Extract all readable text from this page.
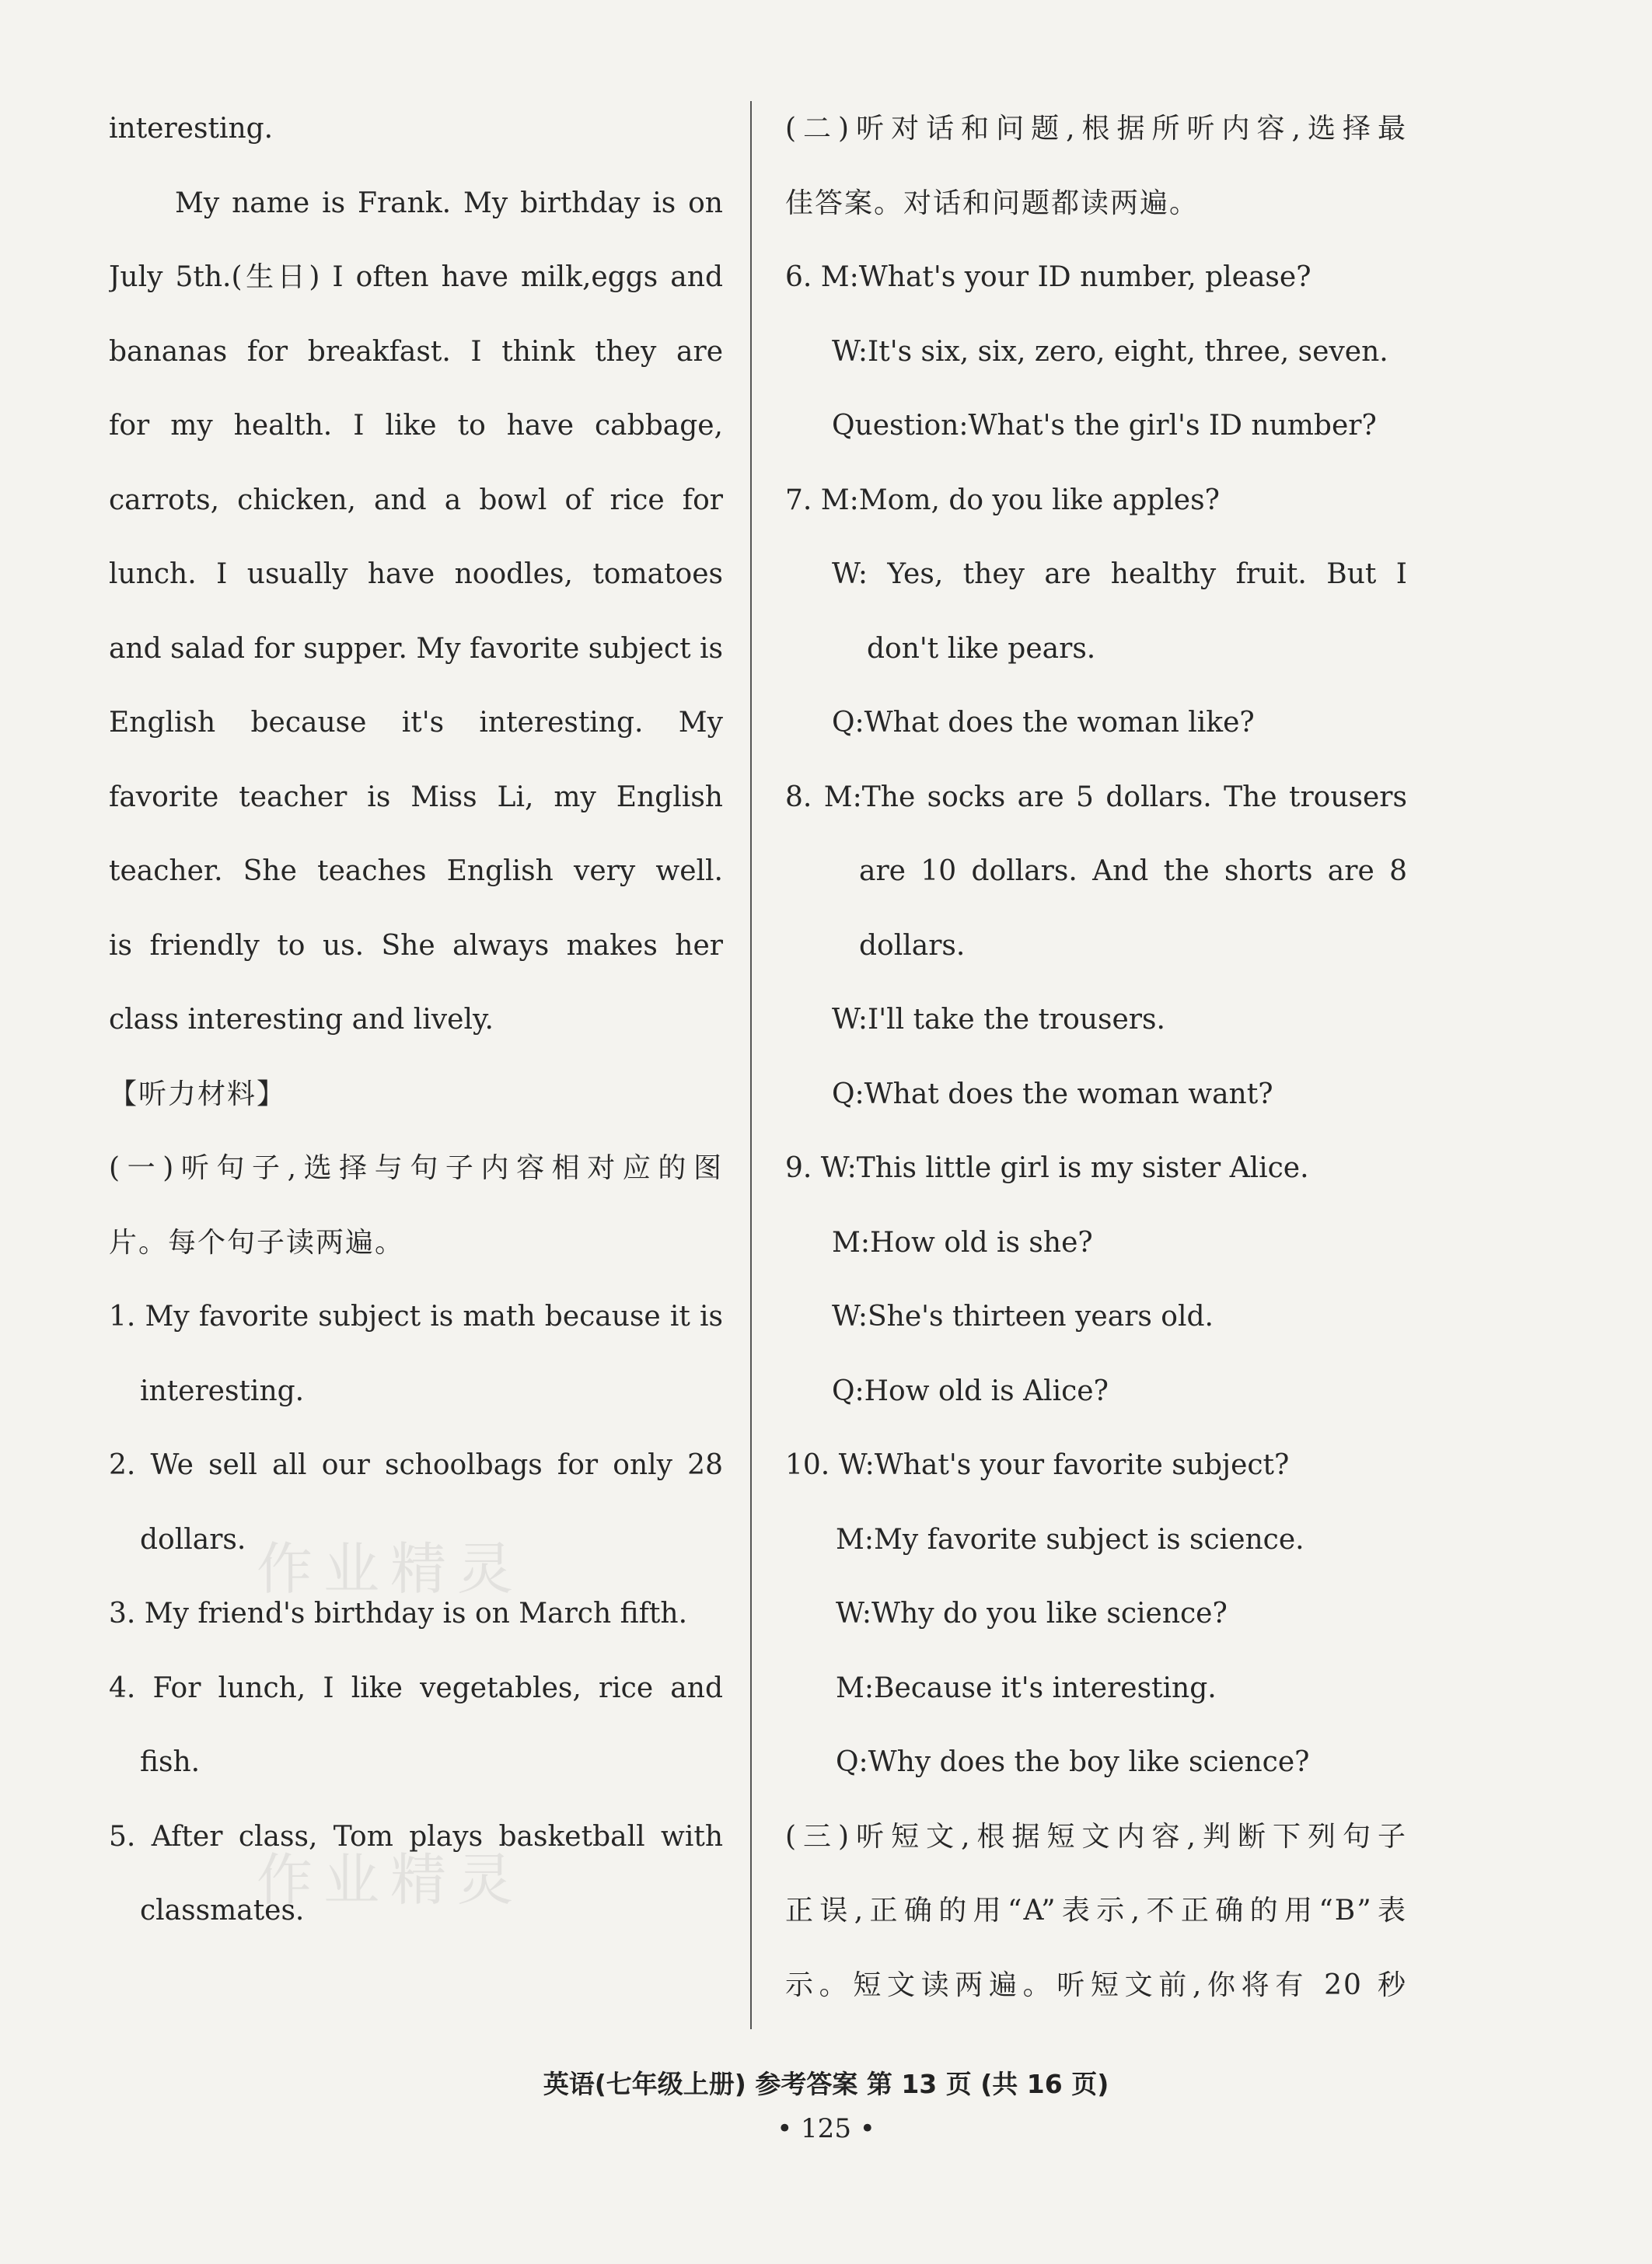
interesting.
My name is Frank. My birthday is on
July 5th.(生日) I often have milk,eggs and
bananas for breakfast. I think they are
for my health. I like to have cabbage,
carrots, chicken, and a bowl of rice for
lunch. I usually have noodles, tomatoes
and salad for supper. My favorite subject is
English because it's interesting. My
favorite teacher is Miss Li, my English
teacher. She teaches English very well.
is friendly to us. She always makes her
class interesting and lively.
【听力材料】
(一)听句子,选择与句子内容相对应的图
片。每个句子读两遍。
1. My favorite subject is math because it is
interesting.
2. We sell all our schoolbags for only 28
dollars.
3. My friend's birthday is on March fifth.
4. For lunch, I like vegetables, rice and
fish.
5. After class, Tom plays basketball with
classmates.
(二)听对话和问题,根据所听内容,选择最
佳答案。对话和问题都读两遍。
6. M:What's your ID number, please?
W:It's six, six, zero, eight, three, seven.
Question:What's the girl's ID number?
7. M:Mom, do you like apples?
W: Yes, they are healthy fruit. But I
don't like pears.
Q:What does the woman like?
8. M:The socks are 5 dollars. The trousers
are 10 dollars. And the shorts are 8
dollars.
W:I'll take the trousers.
Q:What does the woman want?
9. W:This little girl is my sister Alice.
M:How old is she?
W:She's thirteen years old.
Q:How old is Alice?
10. W:What's your favorite subject?
M:My favorite subject is science.
W:Why do you like science?
M:Because it's interesting.
Q:Why does the boy like science?
(三)听短文,根据短文内容,判断下列句子
正误,正确的用“A”表示,不正确的用“B”表
示。短文读两遍。听短文前,你将有 20 秒
作业精灵
作业精灵
英语(七年级上册) 参考答案 第 13 页 (共 16 页)
• 125 •
